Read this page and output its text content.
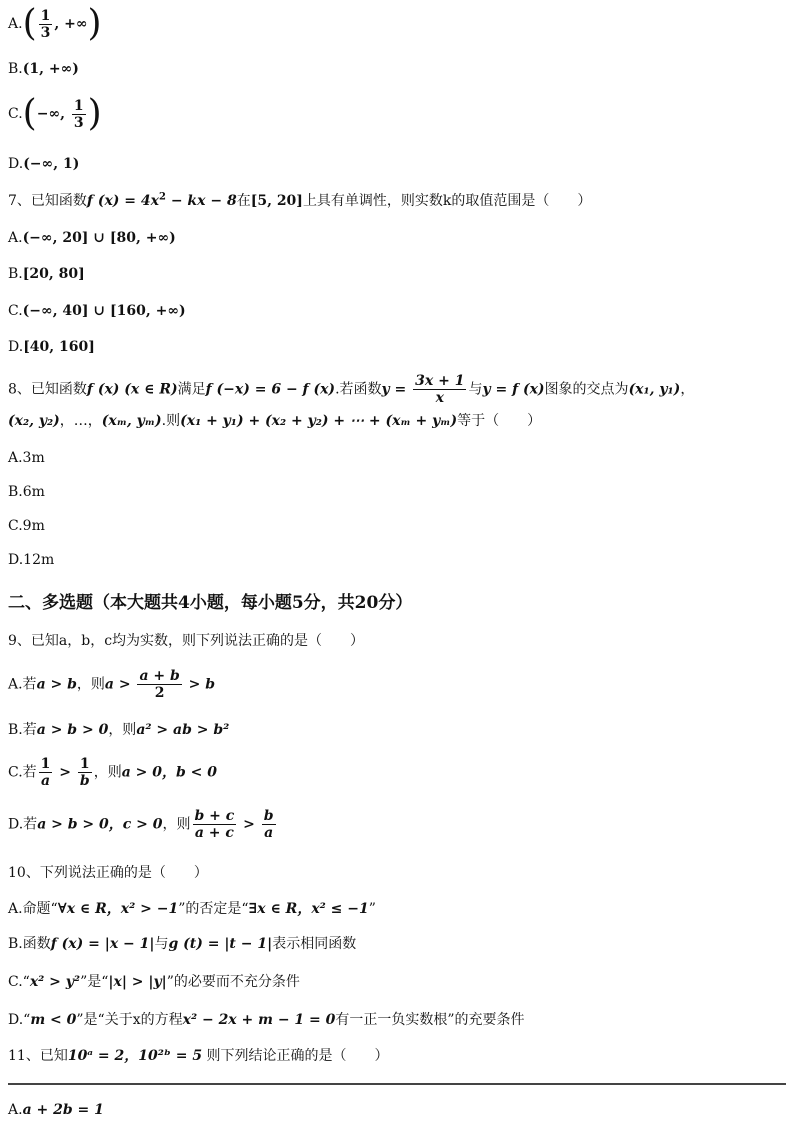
$A.( \frac{1}{3}$ , +∞)
B.(1, +∞)
C.(−∞, $\frac{1}{3}$ )
D.(−∞, 1)
7、已知函数f $(x) = 4x^2$ − kx − 8在[5, 20]上具有单调性，则实数k的取值范围是（　　）
A.(−∞, 20] ∪ [80, +∞)
B.[20, 80]
C.(−∞, 40] ∪ [160, +∞)
D.[40, 160]
8、已知函数f (x) (x ∈ R)满足f (−x) = 6 − f (x).若函数$y = \frac{3x + 1}{x}$ 与y = f (x)图象的交点为(x₁, y₁)，
(x₂, y₂)，…，(xₘ, yₘ).则(x₁ + y₁) + (x₂ + y₂) + ⋯ + (xₘ + yₘ)等于（　　）
A.3m
B.6m
C.9m
D.12m
二、多选题（本大题共4小题，每小题5分，共20分）
9、已知a，b，c均为实数，则下列说法正确的是（　　）
A.若a > b，则$a > \frac{a + b}{2} > b$
B.若a > b > 0，则a² > ab > b²
C.若 $\frac{1}{a} > \frac{1}{b}$ ，则a > 0，b < 0
D.若a > b > 0，c > 0，则 $\frac{b + c}{a + c} > \frac{b}{a}$
10、下列说法正确的是（　　）
A.命题“∀x ∈ R，x² > −1”的否定是“∃x ∈ R，x² ≤ −1”
B.函数f (x) = |x − 1|与g (t) = |t − 1|表示相同函数
C.“x² > y²”是“|x| > |y|”的必要而不充分条件
D.“m < 0”是“关于x的方程x² − 2x + m − 1 = 0有一正一负实数根”的充要条件
11、已知10ᵃ = 2，10²ᵇ = 5 则下列结论正确的是（　　）
A.a + 2b = 1
